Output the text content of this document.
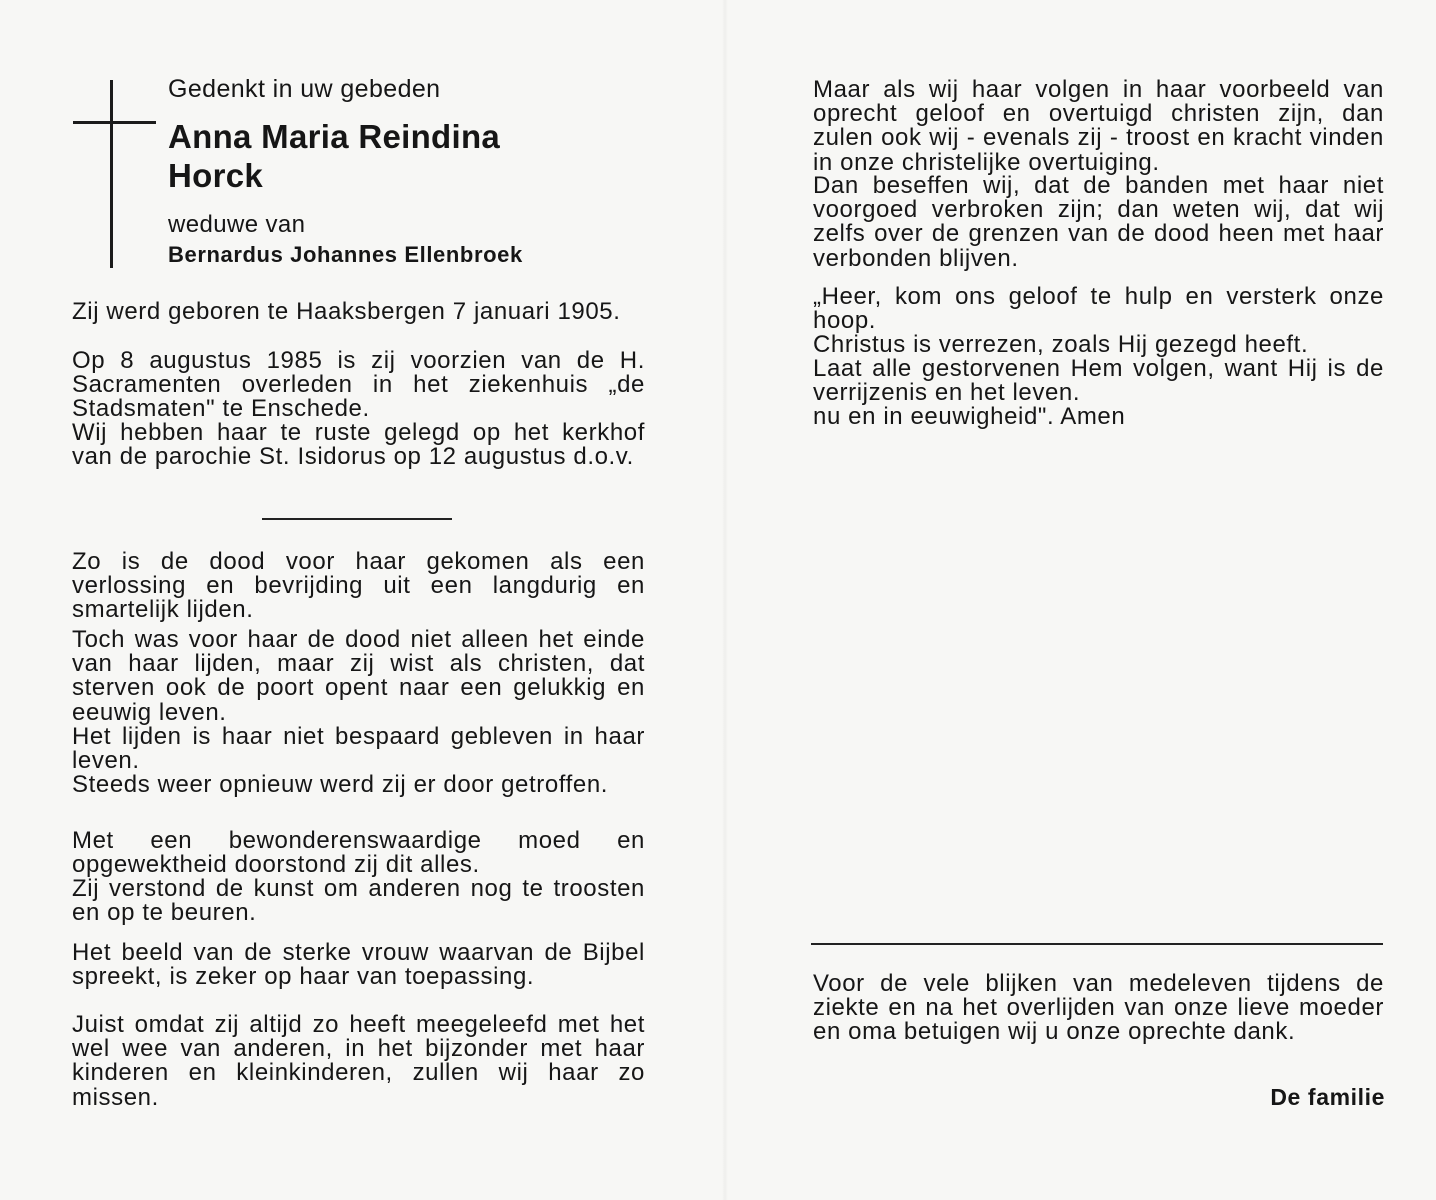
Gedenkt in uw gebeden

Anna Maria Reindina

Horck

weduwe van

Bernardus Johannes Ellenbroek

Zij werd geboren te Haaksbergen 7 januari 1905.

Op 8 augustus 1985 is zij voorzien van de H. Sacramenten overleden in het ziekenhuis „de Stadsmaten" te Enschede.

Wij hebben haar te ruste gelegd op het kerkhof van de parochie St. Isidorus op 12 augustus d.o.v.

Zo is de dood voor haar gekomen als een verlossing en bevrijding uit een langdurig en smartelijk lijden.

Toch was voor haar de dood niet alleen het einde van haar lijden, maar zij wist als christen, dat sterven ook de poort opent naar een gelukkig en eeuwig leven.

Het lijden is haar niet bespaard gebleven in haar leven.

Steeds weer opnieuw werd zij er door getroffen.

Met een bewonderenswaardige moed en opgewektheid doorstond zij dit alles.

Zij verstond de kunst om anderen nog te troosten en op te beuren.

Het beeld van de sterke vrouw waarvan de Bijbel spreekt, is zeker op haar van toepassing.

Juist omdat zij altijd zo heeft meegeleefd met het wel wee van anderen, in het bijzonder met haar kinderen en kleinkinderen, zullen wij haar zo missen.

Maar als wij haar volgen in haar voorbeeld van oprecht geloof en overtuigd christen zijn, dan zulen ook wij - evenals zij - troost en kracht vinden in onze christelijke overtuiging.

Dan beseffen wij, dat de banden met haar niet voorgoed verbroken zijn; dan weten wij, dat wij zelfs over de grenzen van de dood heen met haar verbonden blijven.

„Heer, kom ons geloof te hulp en versterk onze hoop.

Christus is verrezen, zoals Hij gezegd heeft.

Laat alle gestorvenen Hem volgen, want Hij is de verrijzenis en het leven.

nu en in eeuwigheid". Amen

Voor de vele blijken van medeleven tijdens de ziekte en na het overlijden van onze lieve moeder en oma betuigen wij u onze oprechte dank.

De familie
